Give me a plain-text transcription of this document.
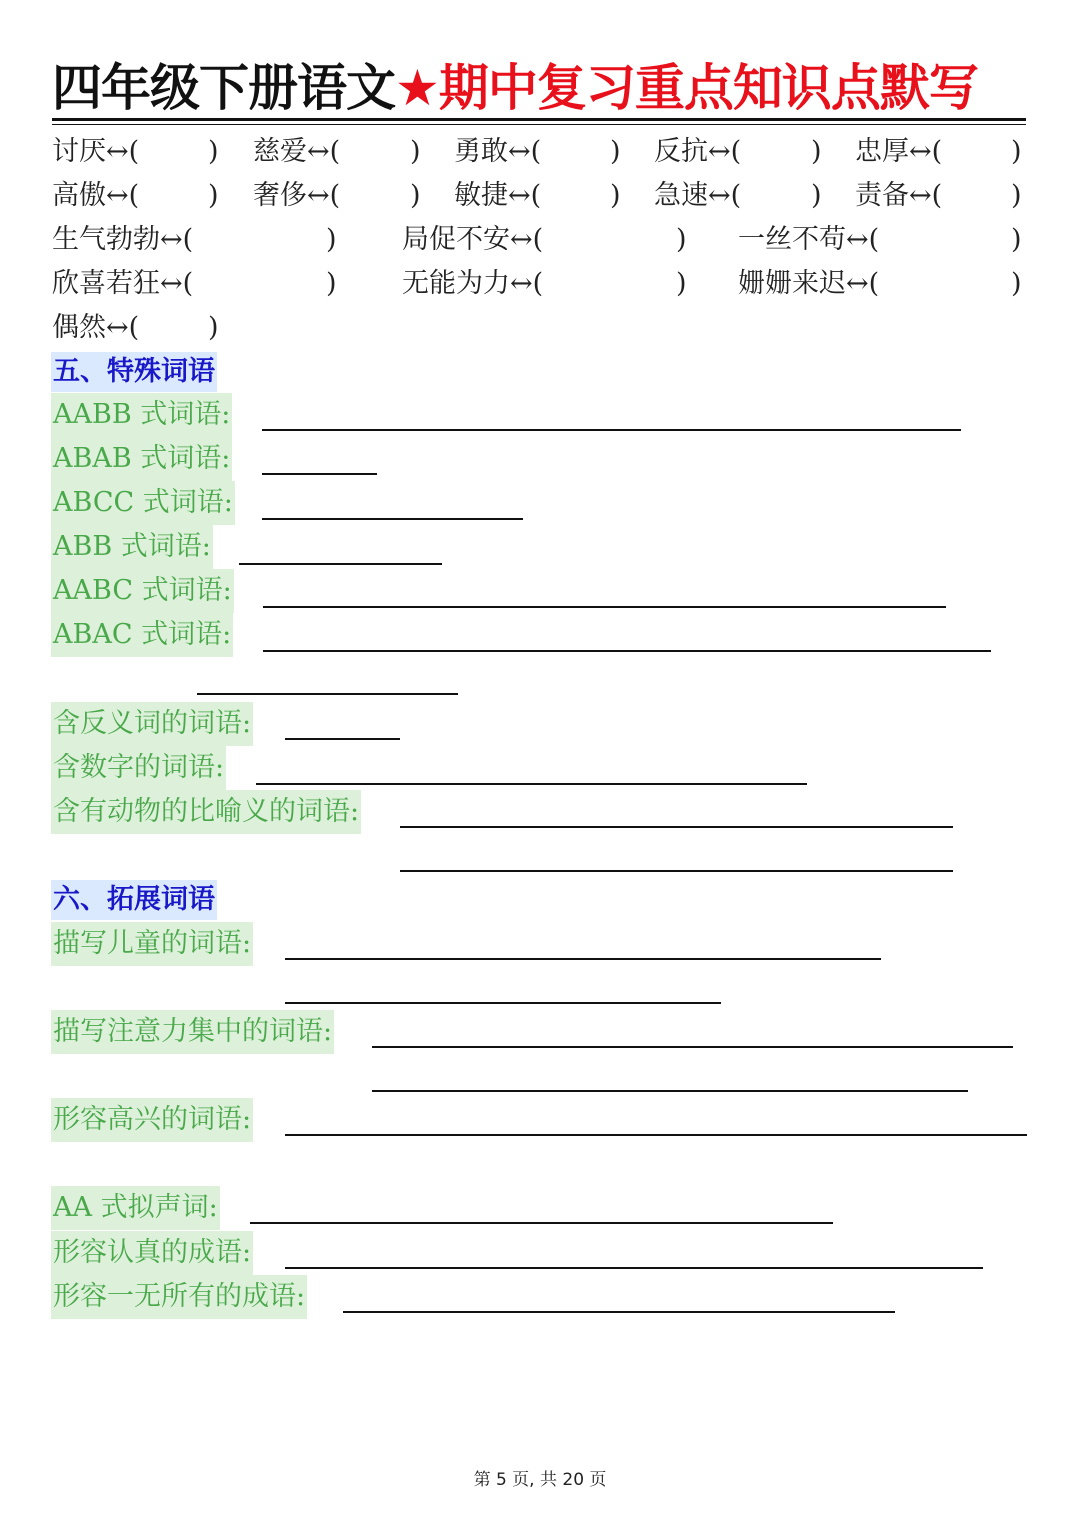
四年级下册语文★期中复习重点知识点默写
讨厌↔(	) 慈爱↔(	) 勇敢↔(	) 反抗↔(	) 忠厚↔(	)
高傲↔(	) 奢侈↔(	) 敏捷↔(	) 急速↔(	) 责备↔(	)
生气勃勃↔(	) 局促不安↔(	) 一丝不苟↔(	)
欣喜若狂↔(	) 无能为力↔(	) 姗姗来迟↔(	)
偶然↔(	)
五、特殊词语
AABB 式词语:
ABAB 式词语:
ABCC 式词语:
ABB 式词语:
AABC 式词语:
ABAC 式词语:
含反义词的词语:
含数字的词语:
含有动物的比喻义的词语:
六、拓展词语
描写儿童的词语:
描写注意力集中的词语:
形容高兴的词语:
AA 式拟声词:
形容认真的成语:
形容一无所有的成语:
第 5 页, 共 20 页
